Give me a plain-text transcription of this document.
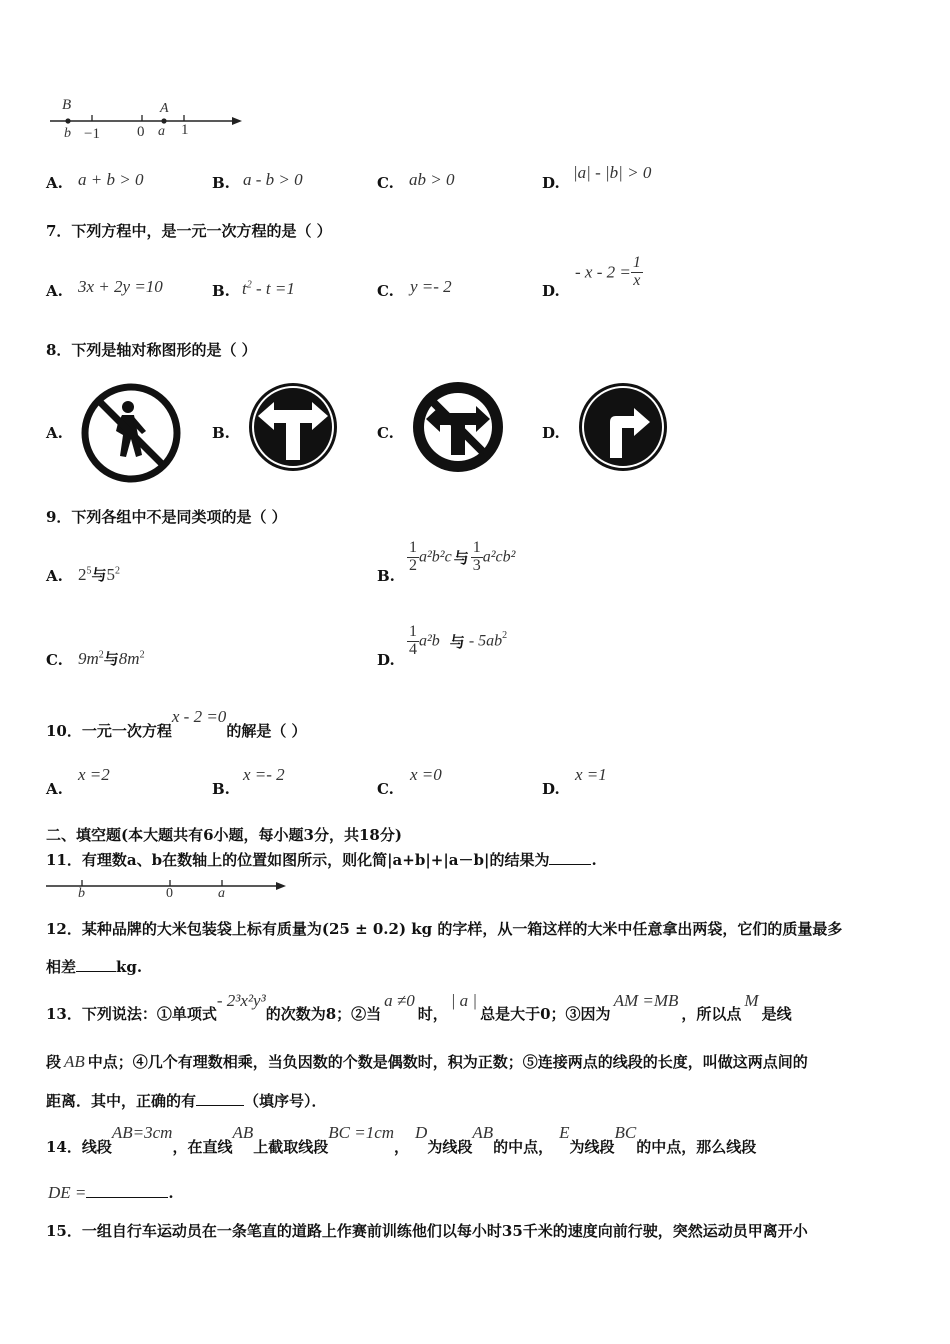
B
b −1 0
A
a 1
A. a + b > 0	B. a - b > 0	C. ab > 0	D.
|a| - |b| > 0
7．下列方程中，是一元一次方程的是（ ）
A. 3x + 2y =10	B. $t^2 - t =1$	C. y =- 2	D.
- $x - 2 = \frac{1}{x}$
8．下列是轴对称图形的是（ ）
A.	B.	C.	D.
9．下列各组中不是同类项的是（ ）
A. $2^5$与$5^2$	B.
$\frac{1}{2} a^2b^2c$ 与 $\frac{1}{3} a^2cb^2$
C. $9m^2$与$8m^2$	D.
$\frac{1}{4} a^2b$ 与 - $5ab^2$
10．一元一次方程x - 2 =0的解是（ ）
A.
x =2
B.
x =- 2
C.
x =0
D.
x =1
二、填空题(本大题共有6小题，每小题3分，共18分)
11．有理数a、b在数轴上的位置如图所示，则化简|a+b|+|a－b|的结果为	.
b	0	a
12．某种品牌的大米包装袋上标有质量为(25 ± 0.2) kg 的字样，从一箱这样的大米中任意拿出两袋，它们的质量最多
相差	kg.
13．下列说法：①单项式- 2³x²y³的次数为8；②当a ≠0时，| a |总是大于0；③因为AM =MB，所以点M是线
段 AB 中点；④几个有理数相乘，当负因数的个数是偶数时，积为正数；⑤连接两点的线段的长度，叫做这两点间的
距离．其中，正确的有	（填序号）．
14．线段AB=3cm，在直线AB上截取线段BC =1cm，D为线段AB的中点，E为线段BC的中点，那么线段
DE =	.
15．一组自行车运动员在一条笔直的道路上作赛前训练他们以每小时35千米的速度向前行驶，突然运动员甲离开小
